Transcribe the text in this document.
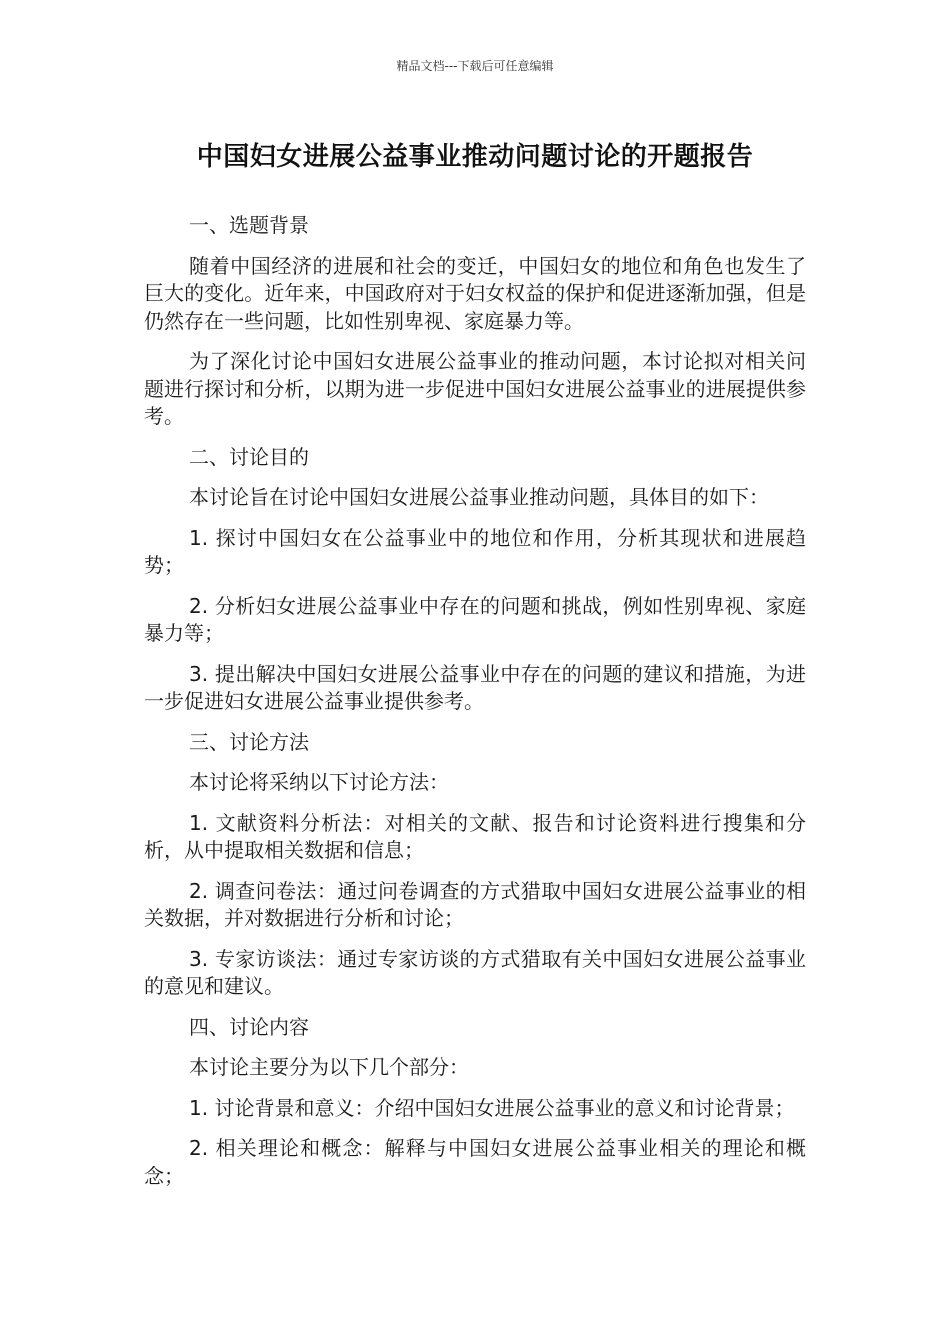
精品文档---下载后可任意编辑
中国妇女进展公益事业推动问题讨论的开题报告

一、选题背景

随着中国经济的进展和社会的变迁，中国妇女的地位和角色也发生了巨大的变化。近年来，中国政府对于妇女权益的保护和促进逐渐加强，但是仍然存在一些问题，比如性别卑视、家庭暴力等。

为了深化讨论中国妇女进展公益事业的推动问题，本讨论拟对相关问题进行探讨和分析，以期为进一步促进中国妇女进展公益事业的进展提供参考。

二、讨论目的

本讨论旨在讨论中国妇女进展公益事业推动问题，具体目的如下：

1. 探讨中国妇女在公益事业中的地位和作用，分析其现状和进展趋势；

2. 分析妇女进展公益事业中存在的问题和挑战，例如性别卑视、家庭暴力等；

3. 提出解决中国妇女进展公益事业中存在的问题的建议和措施，为进一步促进妇女进展公益事业提供参考。

三、讨论方法

本讨论将采纳以下讨论方法：

1. 文献资料分析法：对相关的文献、报告和讨论资料进行搜集和分析，从中提取相关数据和信息；

2. 调查问卷法：通过问卷调查的方式猎取中国妇女进展公益事业的相关数据，并对数据进行分析和讨论；

3. 专家访谈法：通过专家访谈的方式猎取有关中国妇女进展公益事业的意见和建议。

四、讨论内容

本讨论主要分为以下几个部分：

1. 讨论背景和意义：介绍中国妇女进展公益事业的意义和讨论背景；

2. 相关理论和概念：解释与中国妇女进展公益事业相关的理论和概念；
